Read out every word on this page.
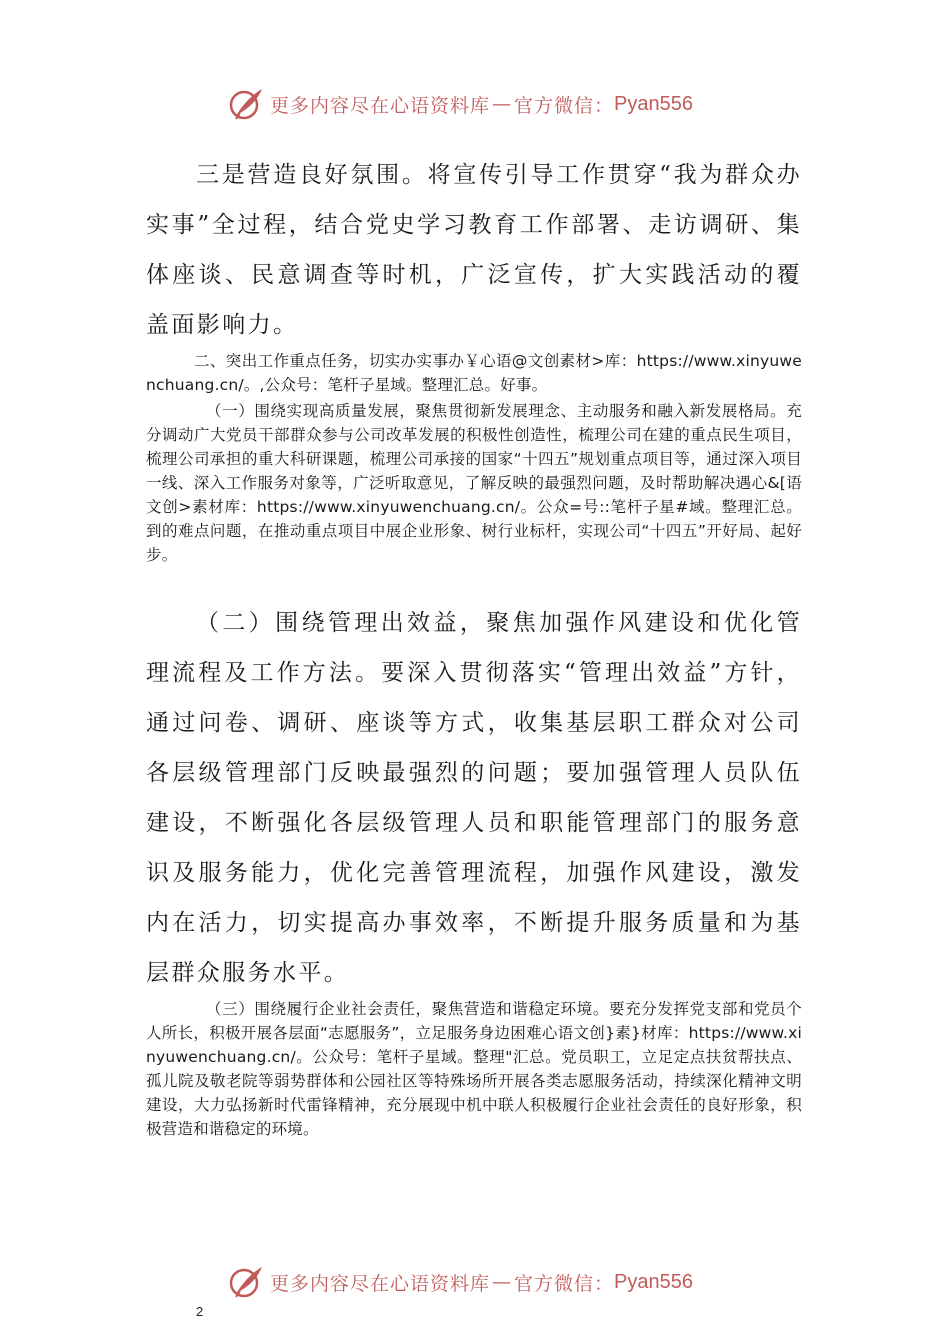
更多内容尽在心语资料库 — 官方微信： Pyan556

三是营造良好氛围。将宣传引导工作贯穿“我为群众办实事”全过程，结合党史学习教育工作部署、走访调研、集体座谈、民意调查等时机，广泛宣传，扩大实践活动的覆盖面影响力。

二、突出工作重点任务，切实办实事办￥心语@文创素材>库：https://www.xinyuwenchuang.cn/。,公众号：笔杆子星域。整理汇总。好事。

（一）围绕实现高质量发展，聚焦贯彻新发展理念、主动服务和融入新发展格局。充分调动广大党员干部群众参与公司改革发展的积极性创造性，梳理公司在建的重点民生项目，梳理公司承担的重大科研课题，梳理公司承接的国家“十四五”规划重点项目等，通过深入项目一线、深入工作服务对象等，广泛听取意见，了解反映的最强烈问题，及时帮助解决遇心&[语文创>素材库：https://www.xinyuwenchuang.cn/。公众=号::笔杆子星#域。整理汇总。到的难点问题，在推动重点项目中展企业形象、树行业标杆，实现公司“十四五”开好局、起好步。

（二）围绕管理出效益，聚焦加强作风建设和优化管理流程及工作方法。要深入贯彻落实“管理出效益”方针，通过问卷、调研、座谈等方式，收集基层职工群众对公司各层级管理部门反映最强烈的问题；要加强管理人员队伍建设，不断强化各层级管理人员和职能管理部门的服务意识及服务能力，优化完善管理流程，加强作风建设，激发内在活力，切实提高办事效率，不断提升服务质量和为基层群众服务水平。

（三）围绕履行企业社会责任，聚焦营造和谐稳定环境。要充分发挥党支部和党员个人所长，积极开展各层面“志愿服务”，立足服务身边困难心语文创}素}材库：https://www.xinyuwenchuang.cn/。公众号：笔杆子星域。整理"汇总。党员职工，立足定点扶贫帮扶点、孤儿院及敬老院等弱势群体和公园社区等特殊场所开展各类志愿服务活动，持续深化精神文明建设，大力弘扬新时代雷锋精神，充分展现中机中联人积极履行企业社会责任的良好形象，积极营造和谐稳定的环境。

更多内容尽在心语资料库 — 官方微信： Pyan556
2
